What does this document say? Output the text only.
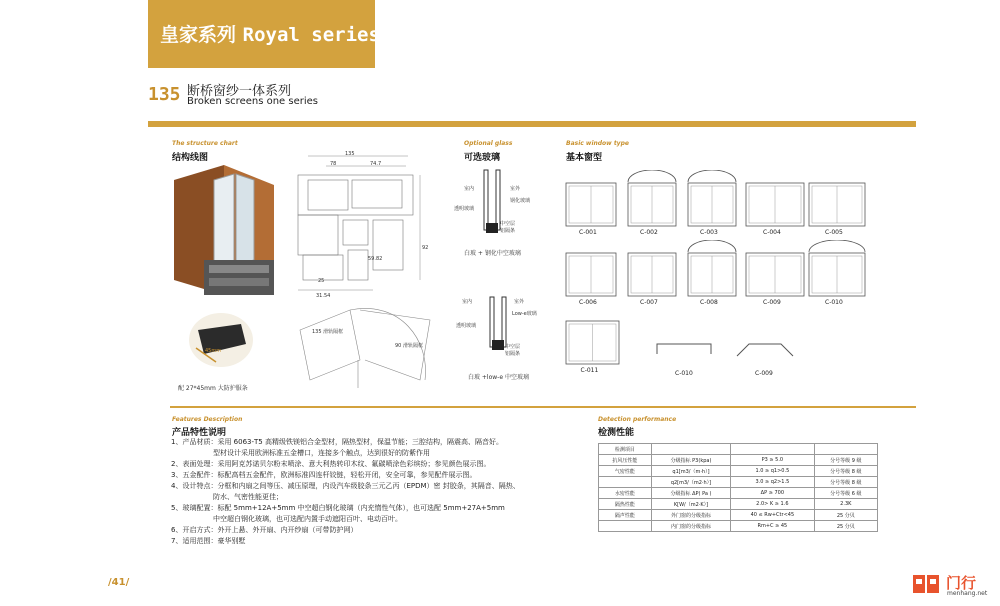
皇家系列 Royal series
135 断桥窗纱一体系列
Broken screens one series
The structure chart
结构线图
45mm
配 27*45mm 大防护服条
135
78	74.7
59.82
25
31.54
92
135 滑轨隔框
90 滑轨隔框
Optional glass
可选玻璃
室内	室外
透明玻璃
钢化玻璃
中空层
铝隔条
白玻 + 钢化中空玻璃
室内	室外
Low-e玻璃
透明玻璃
中空层
铝隔条
白玻 +low-e 中空玻璃
Basic window type
基本窗型
Features Description
产品特性说明
1、产品材质：采用 6063-T5 高精级铁镁铝合金型材，隔热型材，保温节能；三腔结构，隔震高、隔音好。
型材设计采用欧洲标准五金槽口，连接多个触点，达到很好的防紫作用
2、表面处理：采用阿克苏诺贝尔粉末喷涂、意大利热转印木纹、氟碳喷涂色彩缤纷；参见颜色展示图。
3、五金配件：标配高档五金配件，欧洲标准四连杆铰链，轻松开闭，安全可靠，参见配件展示图。
4、设计特点：分框和内扇之间等压、减压原理，内设汽车级胶条三元乙丙（EPDM）密 封胶条，其隔音、隔热、
防水、气密性能更佳；
5、玻璃配置：标配 5mm+12A+5mm 中空超白钢化玻璃（内充惰性气体），也可选配 5mm+27A+5mm
中空超白钢化玻璃，也可选配内置手动遮阳百叶、电动百叶。
6、开启方式：外开上悬、外开扇、内开纱扇（可带防护网）
7、适用范围：豪华别墅
Detection performance
检测性能
检测项目			
抗风压性能	分级指标 P3(kpa)	P3 ≥ 5.0	分号等级 9 级
气密性能	q1[m3/（m·h）]	1.0 ≥ q1>0.5	分号等级 8 级
	q2[m3/（m2·h）]	3.0 ≥ q2>1.5	分号等级 8 级
水密性能	分级指标 ΔP( Pa )	ΔP ≥ 700	分号等级 6 级
隔热性能	K[W/（m2·K）]	2.0> K ≥ 1.6	2.3K
隔声性能	外门窗的分级指标	40 ≤ Rw+Ctr<45	25 分贝
	内门窗的分级指标	Rm+C ≥ 45	25 分贝
/41/	门行
menhang.net
C-001	C-002	C-003	C-004	C-005
C-006	C-007	C-008	C-009	C-010
C-011	C-010	C-009
